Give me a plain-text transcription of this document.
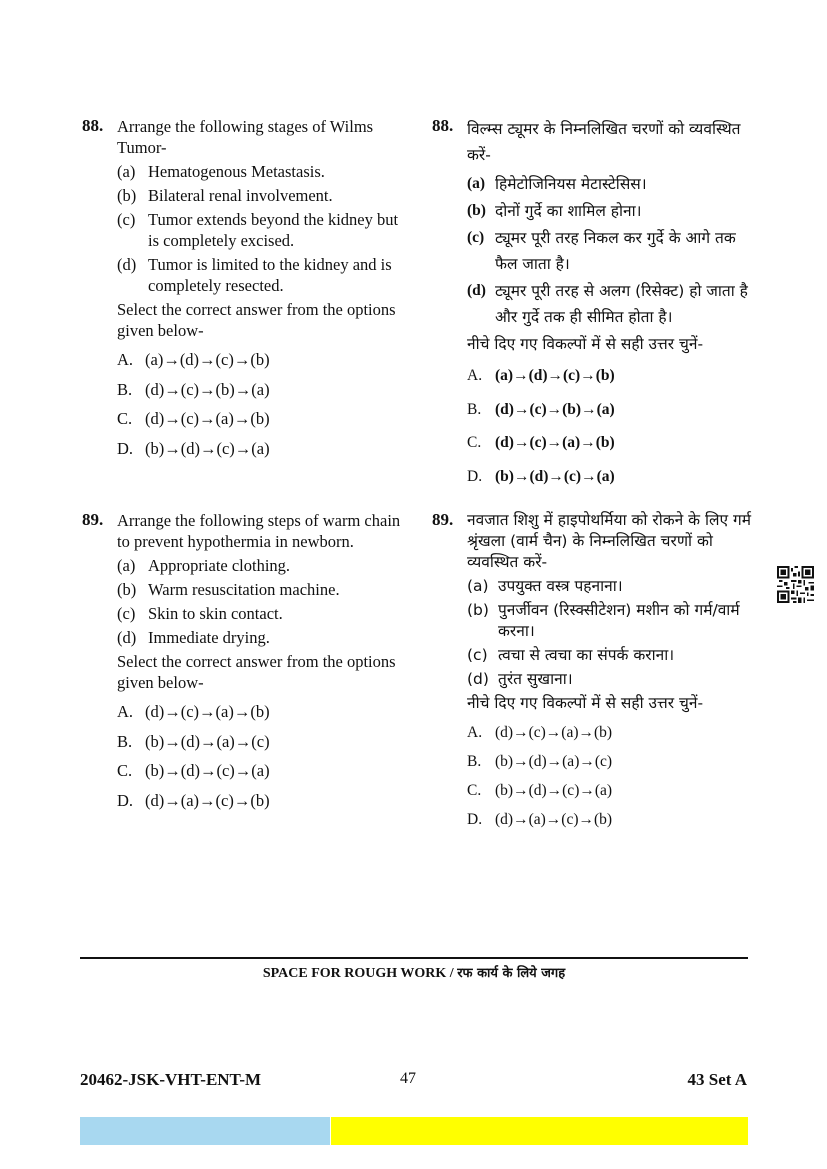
88. Arrange the following stages of Wilms Tumor-
(a) Hematogenous Metastasis.
(b) Bilateral renal involvement.
(c) Tumor extends beyond the kidney but is completely excised.
(d) Tumor is limited to the kidney and is completely resected.
Select the correct answer from the options given below-
A. (a)→(d)→(c)→(b)
B. (d)→(c)→(b)→(a)
C. (d)→(c)→(a)→(b)
D. (b)→(d)→(c)→(a)
88. विल्म्स ट्यूमर के निम्नलिखित चरणों को व्यवस्थित करें-
(a) हिमेटोजिनियस मेटास्टेसिस।
(b) दोनों गुर्दे का शामिल होना।
(c) ट्यूमर पूरी तरह निकल कर गुर्दे के आगे तक फैल जाता है।
(d) ट्यूमर पूरी तरह से अलग (रिसेक्ट) हो जाता है और गुर्दे तक ही सीमित होता है।
नीचे दिए गए विकल्पों में से सही उत्तर चुनें-
A. (a)→(d)→(c)→(b)
B. (d)→(c)→(b)→(a)
C. (d)→(c)→(a)→(b)
D. (b)→(d)→(c)→(a)
89. Arrange the following steps of warm chain to prevent hypothermia in newborn.
(a) Appropriate clothing.
(b) Warm resuscitation machine.
(c) Skin to skin contact.
(d) Immediate drying.
Select the correct answer from the options given below-
A. (d)→(c)→(a)→(b)
B. (b)→(d)→(a)→(c)
C. (b)→(d)→(c)→(a)
D. (d)→(a)→(c)→(b)
89. नवजात शिशु में हाइपोथर्मिया को रोकने के लिए गर्म श्रृंखला (वार्म चैन) के निम्नलिखित चरणों को व्यवस्थित करें-
(a) उपयुक्त वस्त्र पहनाना।
(b) पुनर्जीवन (रिस्क्सीटेशन) मशीन को गर्म/वार्म करना।
(c) त्वचा से त्वचा का संपर्क कराना।
(d) तुरंत सुखाना।
नीचे दिए गए विकल्पों में से सही उत्तर चुनें-
A. (d)→(c)→(a)→(b)
B. (b)→(d)→(a)→(c)
C. (b)→(d)→(c)→(a)
D. (d)→(a)→(c)→(b)
SPACE FOR ROUGH WORK / रफ कार्य के लिये जगह
20462-JSK-VHT-ENT-M	47	43 Set A
